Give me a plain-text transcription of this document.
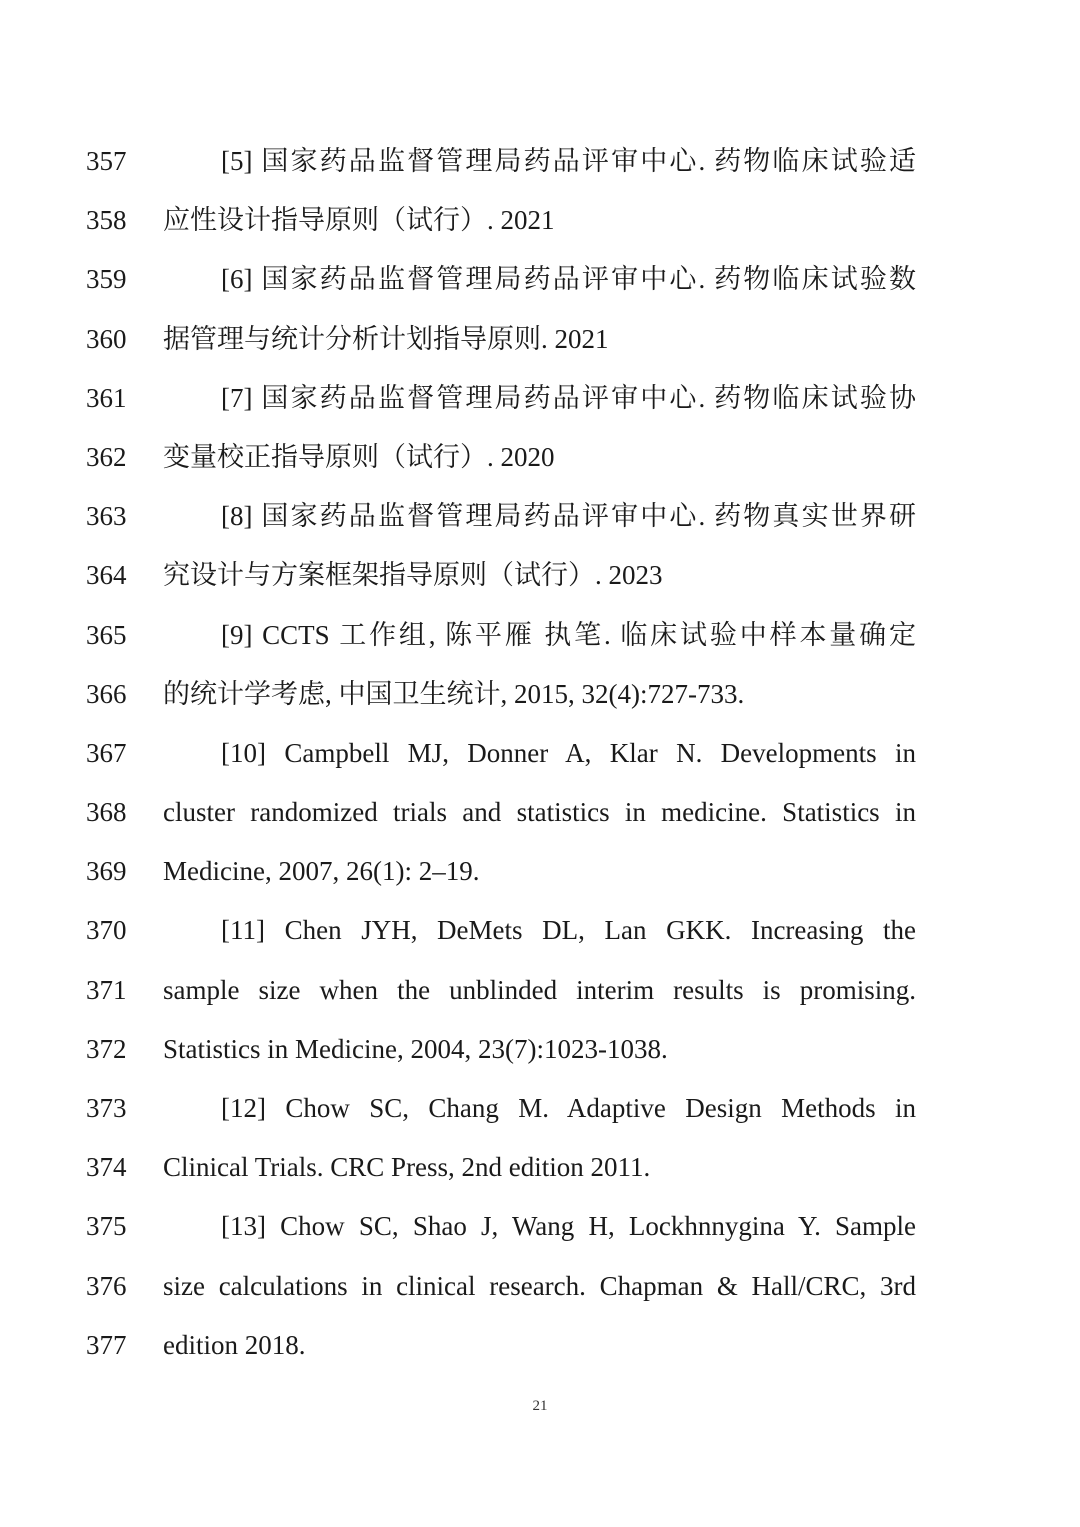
357	[5] 国家药品监督管理局药品评审中心. 药物临床试验适
358	应性设计指导原则（试行）. 2021
359	[6] 国家药品监督管理局药品评审中心. 药物临床试验数
360	据管理与统计分析计划指导原则. 2021
361	[7] 国家药品监督管理局药品评审中心. 药物临床试验协
362	变量校正指导原则（试行）. 2020
363	[8] 国家药品监督管理局药品评审中心. 药物真实世界研
364	究设计与方案框架指导原则（试行）. 2023
365	[9] CCTS 工作组, 陈平雁 执笔. 临床试验中样本量确定
366	的统计学考虑, 中国卫生统计, 2015, 32(4):727-733.
367	[10] Campbell MJ, Donner A, Klar N. Developments in
368	cluster randomized trials and statistics in medicine. Statistics in
369	Medicine, 2007, 26(1): 2–19.
370	[11] Chen JYH, DeMets DL, Lan GKK. Increasing the
371	sample size when the unblinded interim results is promising.
372	Statistics in Medicine, 2004, 23(7):1023-1038.
373	[12] Chow SC, Chang M. Adaptive Design Methods in
374	Clinical Trials. CRC Press, 2nd edition 2011.
375	[13] Chow SC, Shao J, Wang H, Lockhnnygina Y. Sample
376	size calculations in clinical research. Chapman & Hall/CRC, 3rd
377	edition 2018.
21
